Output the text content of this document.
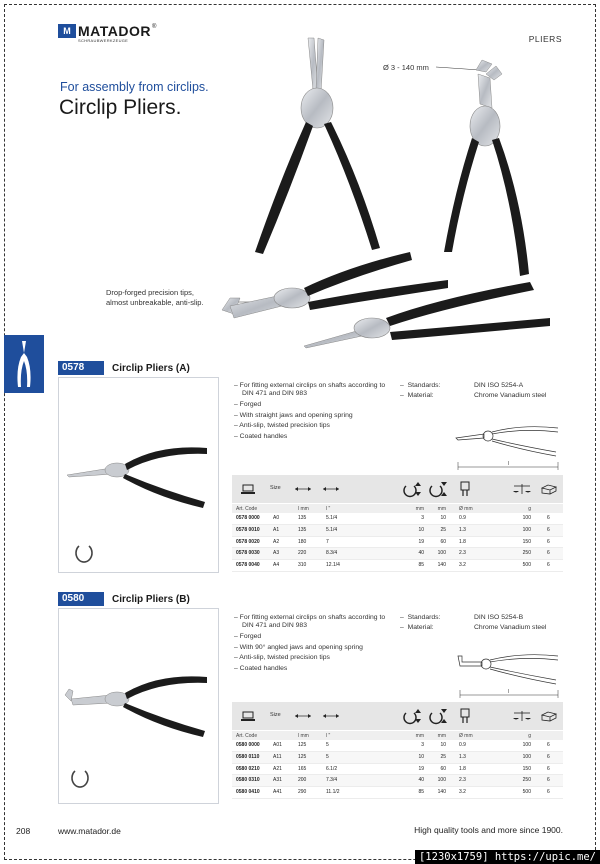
M MATADOR ®
SCHRAUBWERKZEUGE	PLIERS
For assembly from circlips.
Circlip Pliers.
Ø 3 - 140 mm
Drop-forged precision tips, almost unbreakable, anti-slip.
0578	Circlip Pliers (A)
– For fitting external circlips on shafts according to DIN 471 and DIN 983
– Forged
– With straight jaws and opening spring
– Anti-slip, twisted precision tips
– Coated handles
–  Standards:	DIN ISO 5254-A
–  Material:	Chrome Vanadium steel
l
Size
Art. Code	l mm	l "	mm	mm	Ø mm	g
0578 0000	A0	135	5.1/4	3	10	0.9	100	6
0578 0010	A1	135	5.1/4	10	25	1.3	100	6
0578 0020	A2	180	7	19	60	1.8	150	6
0578 0030	A3	220	8.3/4	40	100	2.3	250	6
0578 0040	A4	310	12.1/4	85	140	3.2	500	6
0580	Circlip Pliers (B)
– For fitting external circlips on shafts according to DIN 471 and DIN 983
– Forged
– With 90° angled jaws and opening spring
– Anti-slip, twisted precision tips
– Coated handles
–  Standards:	DIN ISO 5254-B
–  Material:	Chrome Vanadium steel
l
Size
Art. Code	l mm	l "	mm	mm	Ø mm	g
0580 0000	A01	125	5	3	10	0.9	100	6
0580 0110	A11	125	5	10	25	1.3	100	6
0580 0210	A21	165	6.1/2	19	60	1.8	150	6
0580 0310	A31	200	7.3/4	40	100	2.3	250	6
0580 0410	A41	290	11.1/2	85	140	3.2	500	6
208	www.matador.de	High quality tools and more since 1900.
[1230x1759] https://upic.me/
